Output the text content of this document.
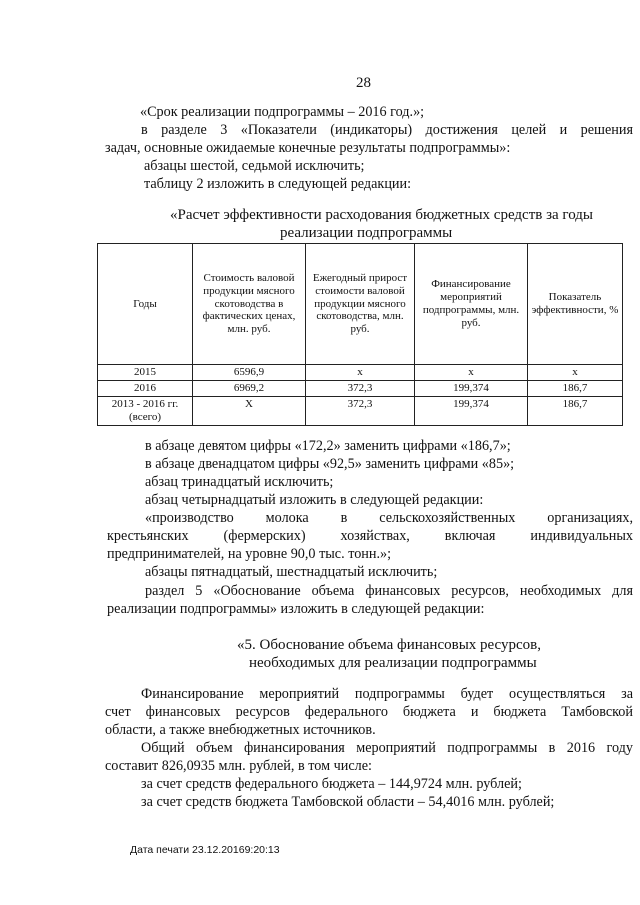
28
«Срок реализации подпрограммы – 2016 год.»;
в разделе 3 «Показатели (индикаторы) достижения целей и решения
задач, основные ожидаемые конечные результаты подпрограммы»:
абзацы шестой, седьмой исключить;
таблицу 2 изложить в следующей редакции:
«Расчет эффективности расходования бюджетных средств за годы
реализации подпрограммы
Годы	Стоимость валовой продукции мясного скотоводства в фактических ценах, млн. руб.	Ежегодный прирост стоимости валовой продукции мясного скотоводства, млн. руб.	Финансирование мероприятий подпрограммы, млн. руб.	Показатель эффективности, %
2015	6596,9	x	x	x
2016	6969,2	372,3	199,374	186,7
2013 - 2016 гг. (всего)	Х	372,3	199,374	186,7
в абзаце девятом цифры «172,2» заменить цифрами «186,7»;
в абзаце двенадцатом цифры «92,5» заменить цифрами «85»;
абзац тринадцатый исключить;
абзац четырнадцатый изложить в следующей редакции:
«производство молока в сельскохозяйственных организациях,
крестьянских (фермерских) хозяйствах, включая индивидуальных
предпринимателей, на уровне 90,0 тыс. тонн.»;
абзацы пятнадцатый, шестнадцатый исключить;
раздел 5 «Обоснование объема финансовых ресурсов, необходимых для
реализации подпрограммы» изложить в следующей редакции:
«5. Обоснование объема финансовых ресурсов,
необходимых для реализации подпрограммы
Финансирование мероприятий подпрограммы будет осуществляться за
счет финансовых ресурсов федерального бюджета и бюджета Тамбовской
области, а также внебюджетных источников.
Общий объем финансирования мероприятий подпрограммы в 2016 году
составит 826,0935 млн. рублей, в том числе:
за счет средств федерального бюджета – 144,9724 млн. рублей;
за счет средств бюджета Тамбовской области – 54,4016 млн. рублей;
Дата печати 23.12.20169:20:13
